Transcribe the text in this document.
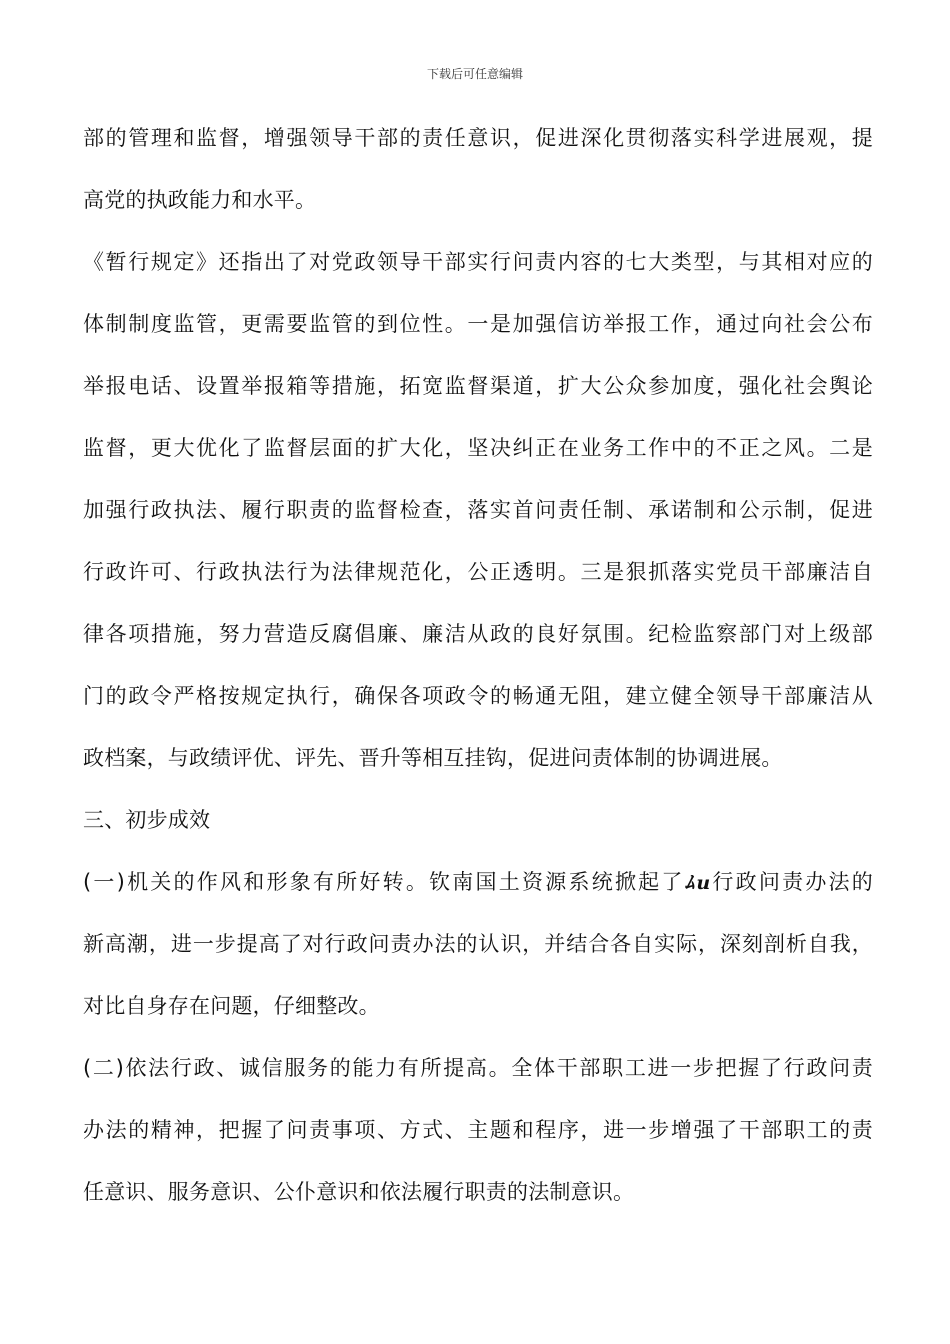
下载后可任意编辑
部的管理和监督，增强领导干部的责任意识，促进深化贯彻落实科学进展观，提
高党的执政能力和水平。
《暂行规定》还指出了对党政领导干部实行问责内容的七大类型，与其相对应的
体制制度监管，更需要监管的到位性。一是加强信访举报工作，通过向社会公布
举报电话、设置举报箱等措施，拓宽监督渠道，扩大公众参加度，强化社会舆论
监督，更大优化了监督层面的扩大化，坚决纠正在业务工作中的不正之风。二是
加强行政执法、履行职责的监督检查，落实首问责任制、承诺制和公示制，促进
行政许可、行政执法行为法律规范化，公正透明。三是狠抓落实党员干部廉洁自
律各项措施，努力营造反腐倡廉、廉洁从政的良好氛围。纪检监察部门对上级部
门的政令严格按规定执行，确保各项政令的畅通无阻，建立健全领导干部廉洁从
政档案，与政绩评优、评先、晋升等相互挂钩，促进问责体制的协调进展。
三、初步成效
(一)机关的作风和形象有所好转。钦南国土资源系统掀起了ﾑи行政问责办法的
新高潮，进一步提高了对行政问责办法的认识，并结合各自实际，深刻剖析自我，
对比自身存在问题，仔细整改。
(二)依法行政、诚信服务的能力有所提高。全体干部职工进一步把握了行政问责
办法的精神，把握了问责事项、方式、主题和程序，进一步增强了干部职工的责
任意识、服务意识、公仆意识和依法履行职责的法制意识。
